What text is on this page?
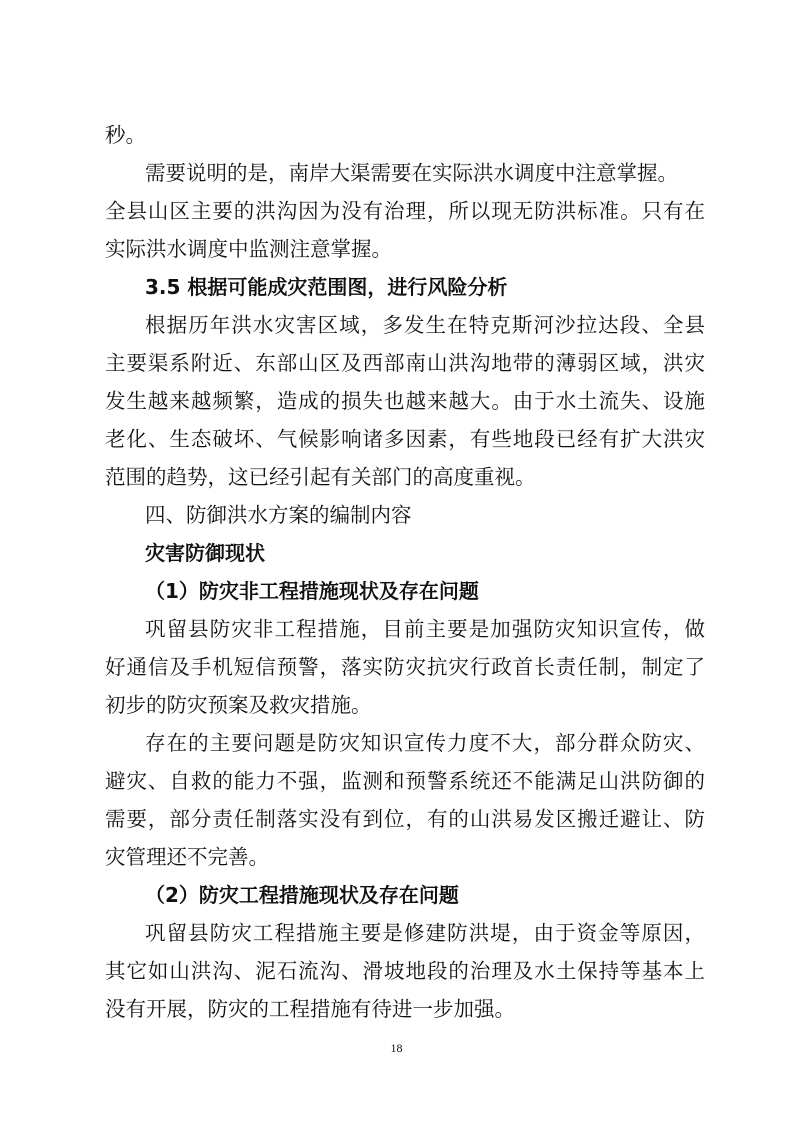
秒。
需要说明的是，南岸大渠需要在实际洪水调度中注意掌握。
全县山区主要的洪沟因为没有治理，所以现无防洪标准。只有在
实际洪水调度中监测注意掌握。
3.5 根据可能成灾范围图，进行风险分析
根据历年洪水灾害区域，多发生在特克斯河沙拉达段、全县
主要渠系附近、东部山区及西部南山洪沟地带的薄弱区域，洪灾
发生越来越频繁，造成的损失也越来越大。由于水土流失、设施
老化、生态破坏、气候影响诸多因素，有些地段已经有扩大洪灾
范围的趋势，这已经引起有关部门的高度重视。
四、防御洪水方案的编制内容
灾害防御现状
（1）防灾非工程措施现状及存在问题
巩留县防灾非工程措施，目前主要是加强防灾知识宣传，做
好通信及手机短信预警，落实防灾抗灾行政首长责任制，制定了
初步的防灾预案及救灾措施。
存在的主要问题是防灾知识宣传力度不大，部分群众防灾、
避灾、自救的能力不强，监测和预警系统还不能满足山洪防御的
需要，部分责任制落实没有到位，有的山洪易发区搬迁避让、防
灾管理还不完善。
（2）防灾工程措施现状及存在问题
巩留县防灾工程措施主要是修建防洪堤，由于资金等原因，
其它如山洪沟、泥石流沟、滑坡地段的治理及水土保持等基本上
没有开展，防灾的工程措施有待进一步加强。
18
